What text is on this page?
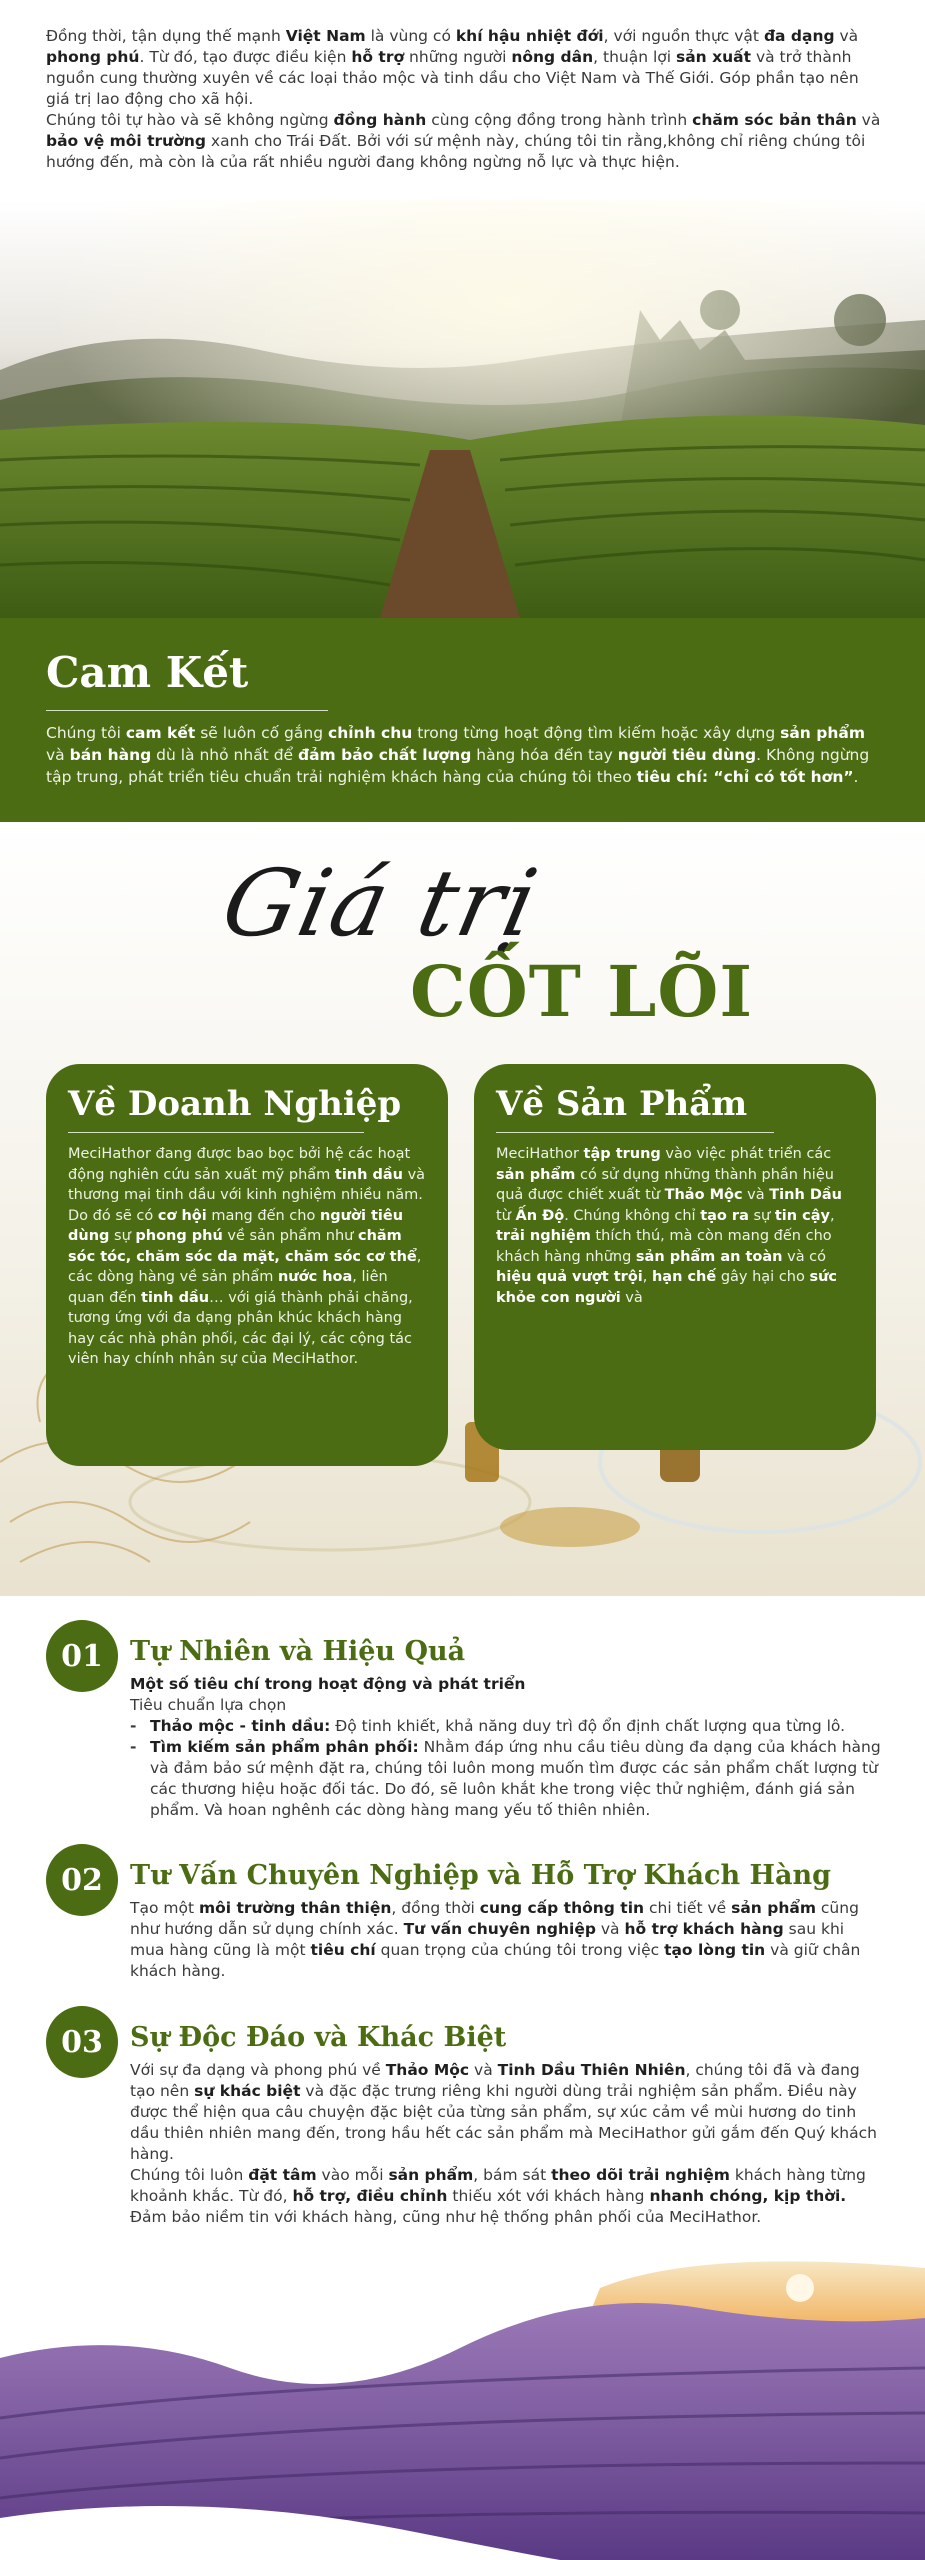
Đồng thời, tận dụng thế mạnh Việt Nam là vùng có khí hậu nhiệt đới, với nguồn thực vật đa dạng và phong phú. Từ đó, tạo được điều kiện hỗ trợ những người nông dân, thuận lợi sản xuất và trở thành nguồn cung thường xuyên về các loại thảo mộc và tinh dầu cho Việt Nam và Thế Giới. Góp phần tạo nên giá trị lao động cho xã hội.

Chúng tôi tự hào và sẽ không ngừng đồng hành cùng cộng đồng trong hành trình chăm sóc bản thân và bảo vệ môi trường xanh cho Trái Đất. Bởi với sứ mệnh này, chúng tôi tin rằng,không chỉ riêng chúng tôi hướng đến, mà còn là của rất nhiều người đang không ngừng nỗ lực và thực hiện.

Cam Kết

Chúng tôi cam kết sẽ luôn cố gắng chỉnh chu trong từng hoạt động tìm kiếm hoặc xây dựng sản phẩm và bán hàng dù là nhỏ nhất để đảm bảo chất lượng hàng hóa đến tay người tiêu dùng. Không ngừng tập trung, phát triển tiêu chuẩn trải nghiệm khách hàng của chúng tôi theo tiêu chí: “chỉ có tốt hơn”.

Giá trị
CỐT LÕI
Về Doanh Nghiệp

MeciHathor đang được bao bọc bởi hệ các hoạt động nghiên cứu sản xuất mỹ phẩm tinh dầu và thương mại tinh dầu với kinh nghiệm nhiều năm. Do đó sẽ có cơ hội mang đến cho người tiêu dùng sự phong phú về sản phẩm như chăm sóc tóc, chăm sóc da mặt, chăm sóc cơ thể, các dòng hàng về sản phẩm nước hoa, liên quan đến tinh dầu… với giá thành phải chăng, tương ứng với đa dạng phân khúc khách hàng hay các nhà phân phối, các đại lý, các cộng tác viên hay chính nhân sự của MeciHathor.

Về Sản Phẩm

MeciHathor tập trung vào việc phát triển các sản phẩm có sử dụng những thành phần hiệu quả được chiết xuất từ Thảo Mộc và Tinh Dầu từ Ấn Độ. Chúng không chỉ tạo ra sự tin cậy, trải nghiệm thích thú, mà còn mang đến cho khách hàng những sản phẩm an toàn và có hiệu quả vượt trội, hạn chế gây hại cho sức khỏe con người và

01	Tự Nhiên và Hiệu Quả
Một số tiêu chí trong hoạt động và phát triển
Tiêu chuẩn lựa chọn
- Thảo mộc - tinh dầu: Độ tinh khiết, khả năng duy trì độ ổn định chất lượng qua từng lô.
- Tìm kiếm sản phẩm phân phối: Nhằm đáp ứng nhu cầu tiêu dùng đa dạng của khách hàng và đảm bảo sứ mệnh đặt ra, chúng tôi luôn mong muốn tìm được các sản phẩm chất lượng từ các thương hiệu hoặc đối tác. Do đó, sẽ luôn khắt khe trong việc thử nghiệm, đánh giá sản phẩm. Và hoan nghênh các dòng hàng mang yếu tố thiên nhiên.
02	Tư Vấn Chuyên Nghiệp và Hỗ Trợ Khách Hàng
Tạo một môi trường thân thiện, đồng thời cung cấp thông tin chi tiết về sản phẩm cũng như hướng dẫn sử dụng chính xác. Tư vấn chuyên nghiệp và hỗ trợ khách hàng sau khi mua hàng cũng là một tiêu chí quan trọng của chúng tôi trong việc tạo lòng tin và giữ chân khách hàng.
03	Sự Độc Đáo và Khác Biệt
Với sự đa dạng và phong phú về Thảo Mộc và Tinh Dầu Thiên Nhiên, chúng tôi đã và đang tạo nên sự khác biệt và đặc đặc trưng riêng khi người dùng trải nghiệm sản phẩm. Điều này được thể hiện qua câu chuyện đặc biệt của từng sản phẩm, sự xúc cảm về mùi hương do tinh dầu thiên nhiên mang đến, trong hầu hết các sản phẩm mà MeciHathor gửi gắm đến Quý khách hàng.
Chúng tôi luôn đặt tâm vào mỗi sản phẩm, bám sát theo dõi trải nghiệm khách hàng từng khoảnh khắc. Từ đó, hỗ trợ, điều chỉnh thiếu xót với khách hàng nhanh chóng, kịp thời. Đảm bảo niềm tin với khách hàng, cũng như hệ thống phân phối của MeciHathor.
